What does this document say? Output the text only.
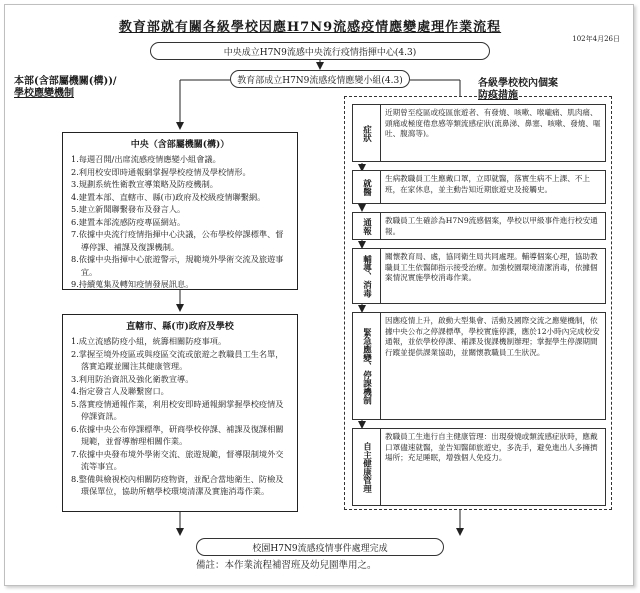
教育部就有關各級學校因應H7N9流感疫情應變處理作業流程
102年4月26日
中央成立H7N9流感中央流行疫情指揮中心(4.3)
教育部成立H7N9流感疫情應變小組(4.3)
本部(含部屬機關(構))/
學校應變機制
各級學校校內個案
防疫措施
中央（含部屬機關(構)）
1.每週召開/出席流感疫情應變小組會議。
2.利用校安即時通報網掌握學校疫情及學校情形。
3.規劃系統性衛教宣導策略及防疫機制。
4.建置本部、直轄市、縣(市)政府及校級疫情聯繫網。
5.建立新聞聯繫發布及發言人。
6.建置本部流感防疫專區網站。
7.依據中央流行疫情指揮中心決議，公布學校停課標準、督導停課、補課及復課機制。
8.依據中央指揮中心旅遊警示，規範境外學術交流及旅遊事宜。
9.持續蒐集及轉知疫情發展訊息。
直轄市、縣(市)政府及學校
1.成立流感防疫小組，統籌相關防疫事項。
2.掌握至境外疫區或與疫區交流或旅遊之教職員工生名單，落實追蹤並關注其健康管理。
3.利用防治資訊及強化衛教宣導。
4.指定發言人及聯繫窗口。
5.落實疫情通報作業，利用校安即時通報網掌握學校疫情及停課資訊。
6.依據中央公布停課標準，研商學校停課、補課及復課相關規範，並督導辦理相關作業。
7.依據中央發布境外學術交流、旅遊規範，督導限制境外交流等事宜。
8.整備與檢視校內相關防疫物資，並配合當地衛生、防檢及環保單位，協助所轄學校環境清潔及實施消毒作業。
症狀
近期曾至疫區或疫區旅遊者、有發燒、咳嗽、喉嚨痛、肌肉痛、頭痛或極度倦怠感等類流感症狀(流鼻涕、鼻塞、咳嗽、發燒、嘔吐、腹瀉等)。
就醫	生病教職員工生應戴口罩，立即就醫，落實生病不上課、不上班，在家休息，並主動告知近期旅遊史及接觸史。
通報	教職員工生確診為H7N9流感個案，學校以甲級事件進行校安通報。
輔導、消毒	關懷教育局、處，協同衛生局共同處理。輔導個案心理，協助教職員工生依醫師指示接受治療。加強校園環境清潔消毒，依據個案情況實施學校消毒作業。
緊急應變、停課機制
因應疫情上升，啟動大型集會、活動及國際交流之應變機制，依據中央公布之停課標準，學校實施停課，應於12小時內完成校安通報，並依學校停課、補課及復課機制辦理；掌握學生停課期間行蹤並提供課業協助，並關懷教職員工生狀況。
自主健康管理
教職員工生進行自主健康管理：出現發燒或類流感症狀時，應戴口罩儘速就醫，並告知醫師旅遊史，多洗手，避免進出人多擁擠場所；充足睡眠，增強個人免疫力。
校園H7N9流感疫情事件處理完成
備註：本作業流程補習班及幼兒園準用之。
